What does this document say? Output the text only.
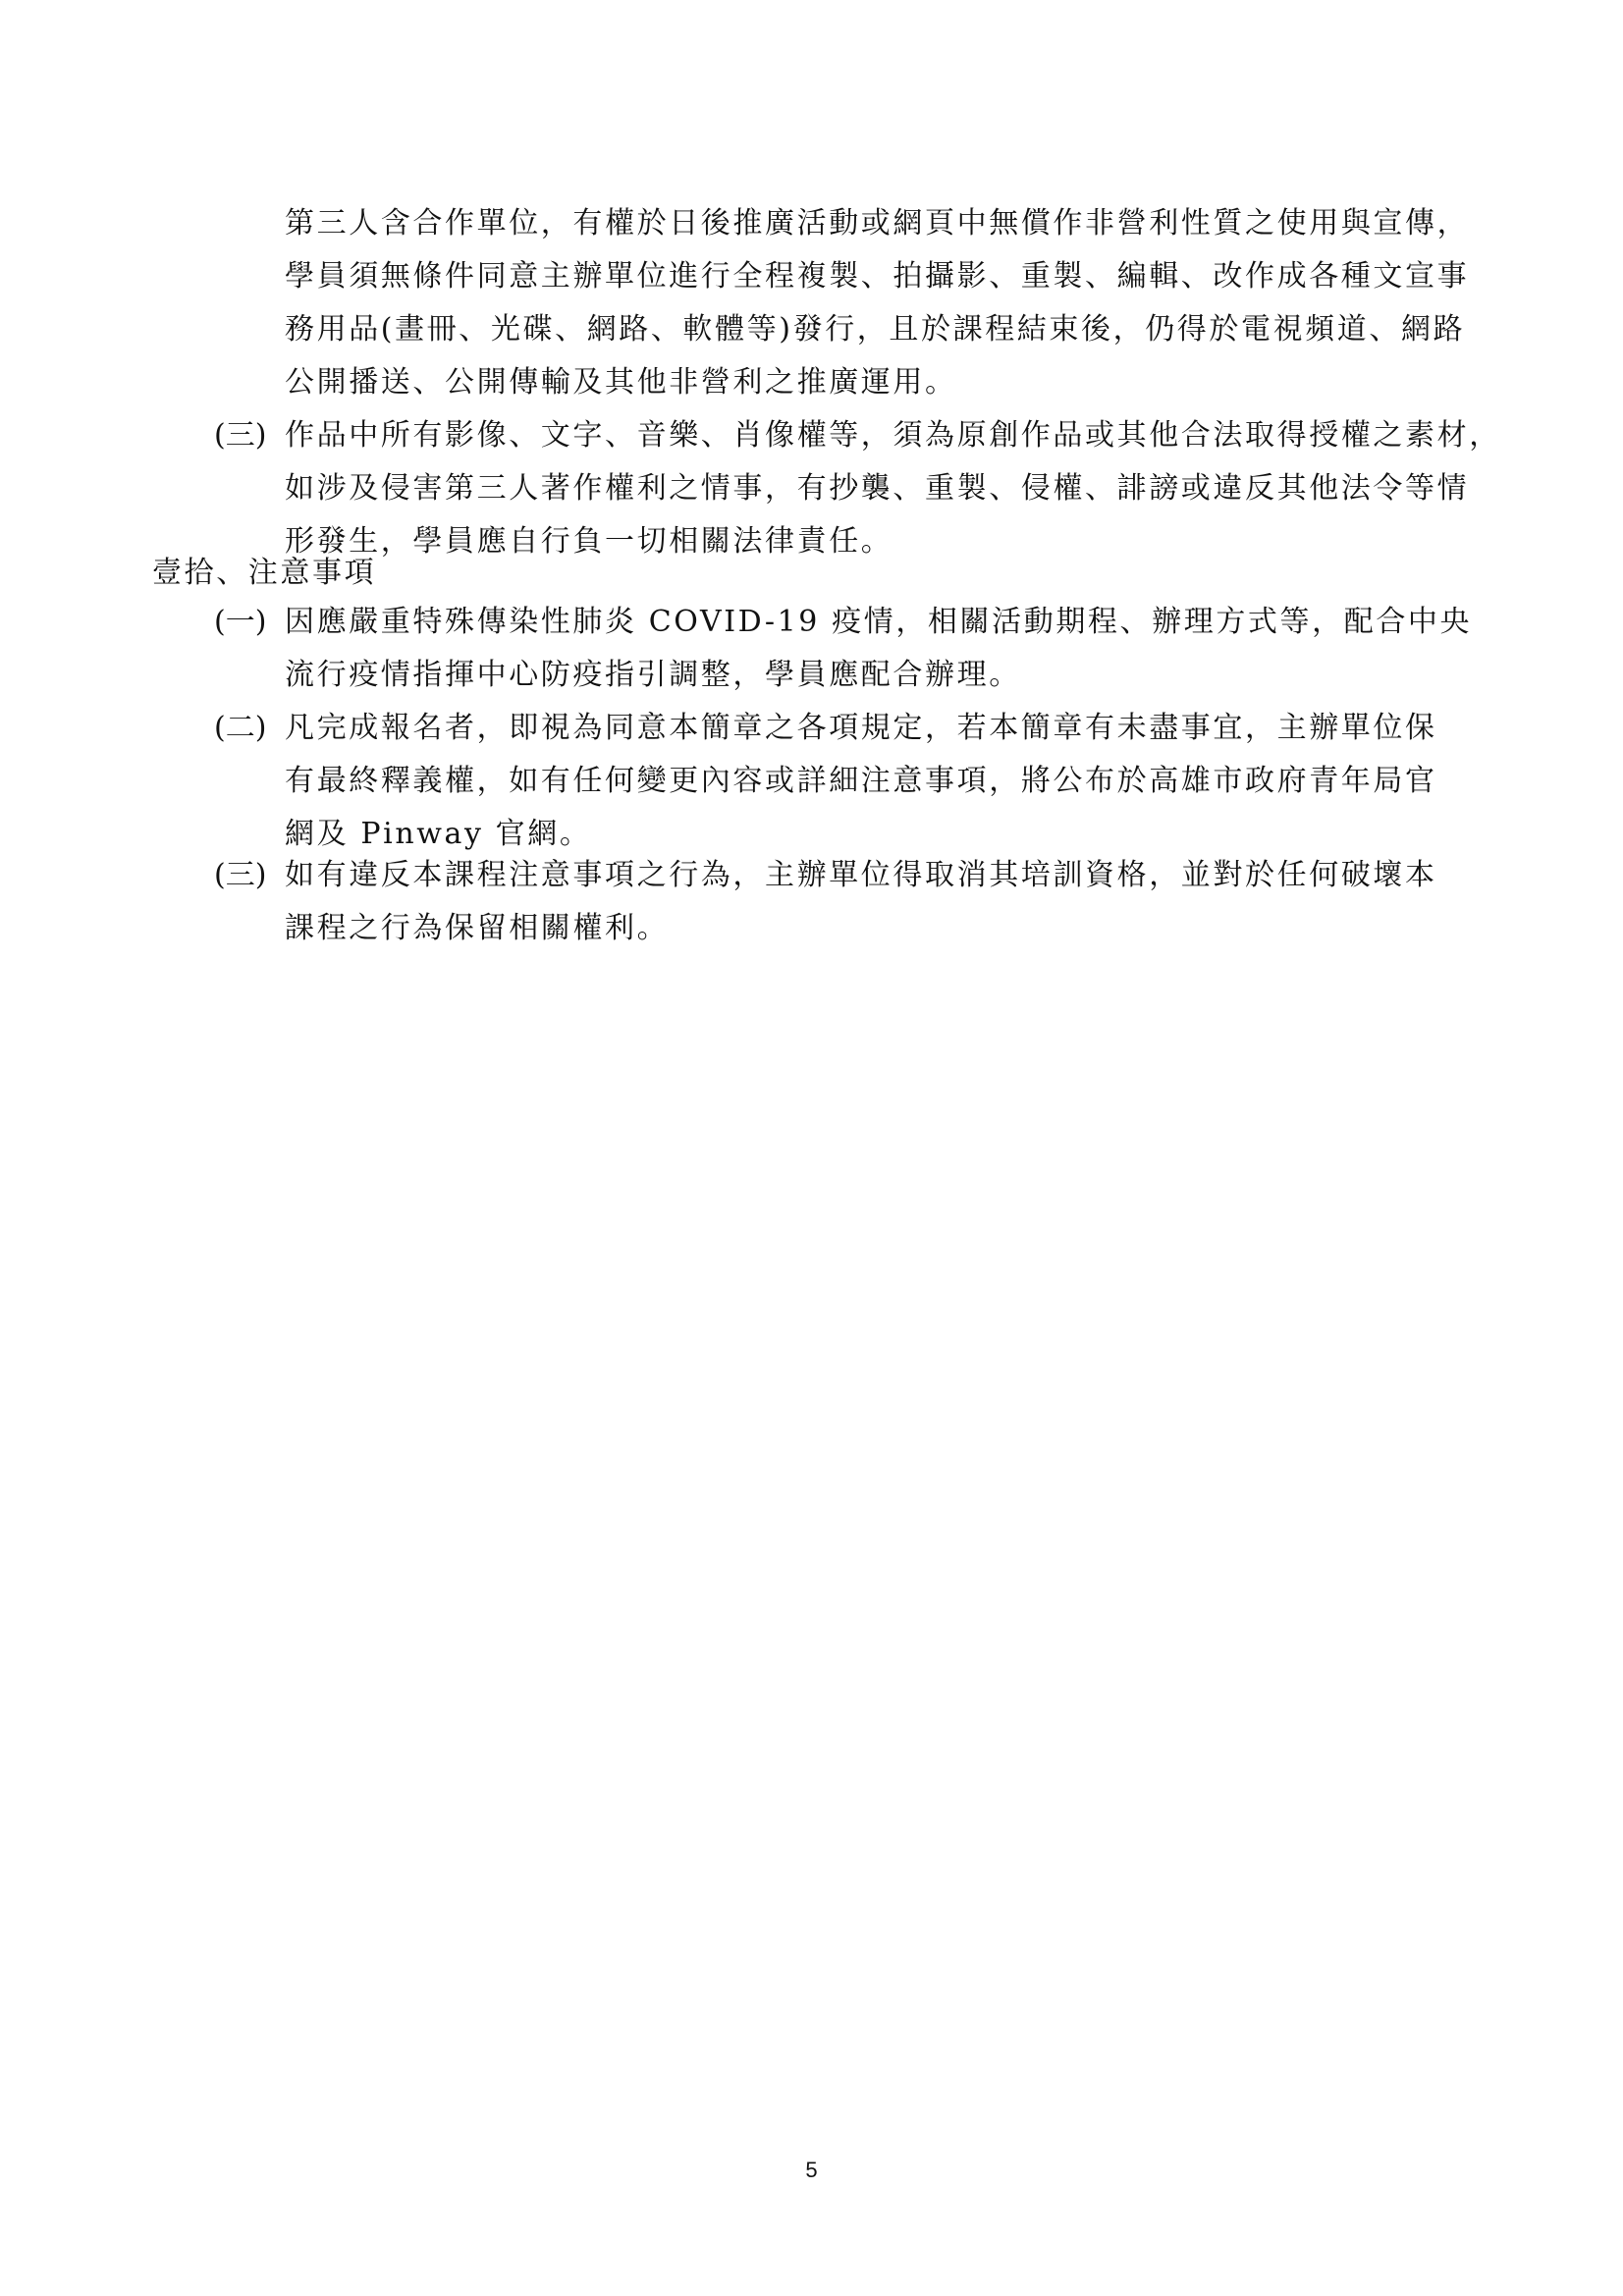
第三人含合作單位，有權於日後推廣活動或網頁中無償作非營利性質之使用與宣傳，
學員須無條件同意主辦單位進行全程複製、拍攝影、重製、編輯、改作成各種文宣事
務用品(畫冊、光碟、網路、軟體等)發行，且於課程結束後，仍得於電視頻道、網路
公開播送、公開傳輸及其他非營利之推廣運用。
(三) 作品中所有影像、文字、音樂、肖像權等，須為原創作品或其他合法取得授權之素材，
如涉及侵害第三人著作權利之情事，有抄襲、重製、侵權、誹謗或違反其他法令等情
形發生，學員應自行負一切相關法律責任。
壹拾、注意事項
(一) 因應嚴重特殊傳染性肺炎 COVID-19 疫情，相關活動期程、辦理方式等，配合中央
流行疫情指揮中心防疫指引調整，學員應配合辦理。
(二) 凡完成報名者，即視為同意本簡章之各項規定，若本簡章有未盡事宜，主辦單位保
有最終釋義權，如有任何變更內容或詳細注意事項，將公布於高雄市政府青年局官
網及 Pinway 官網。
(三) 如有違反本課程注意事項之行為，主辦單位得取消其培訓資格，並對於任何破壞本
課程之行為保留相關權利。
5
